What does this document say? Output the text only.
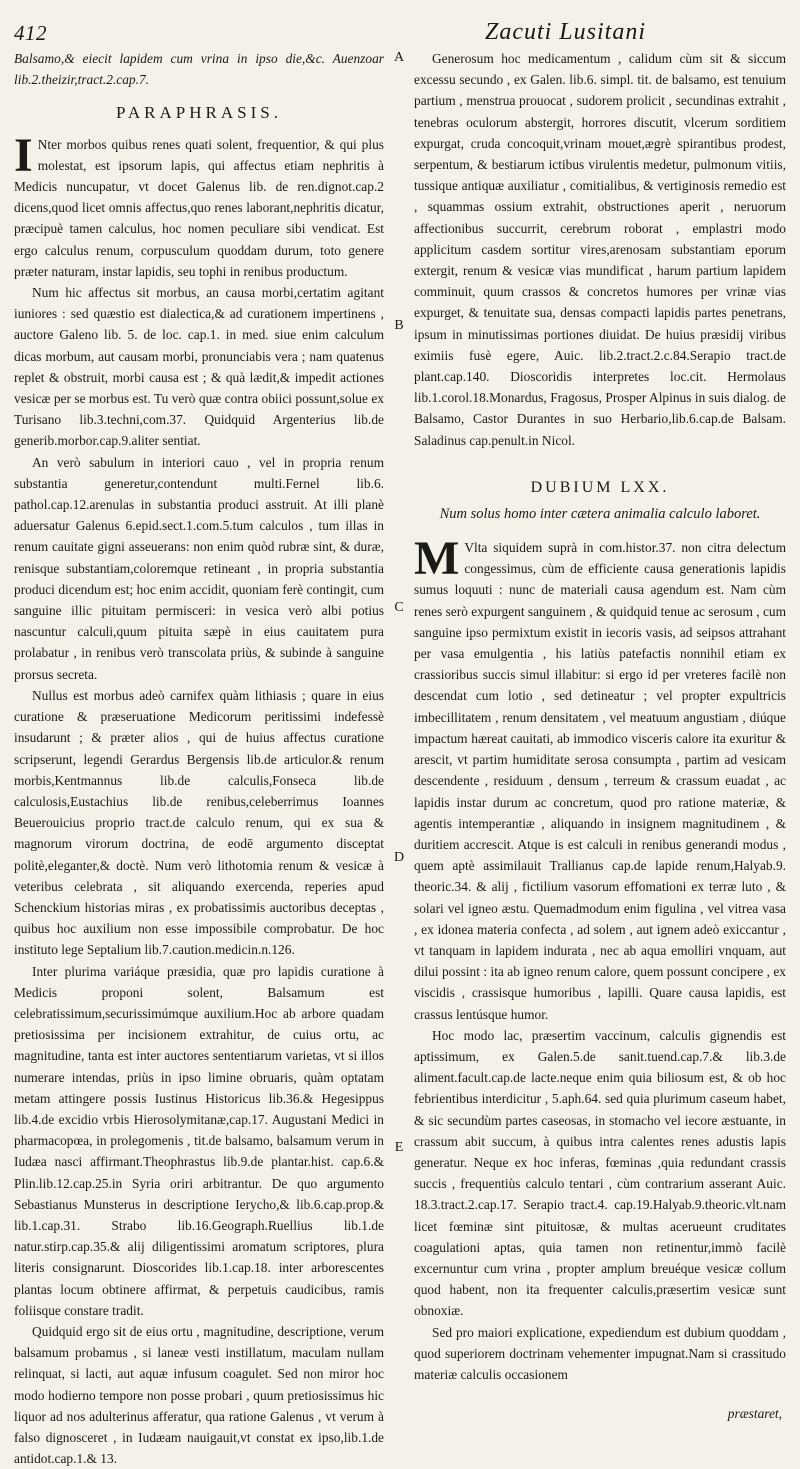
412	Zacuti Lusitani

Balsamo,& eiecit lapidem cum vrina in ipso die,&c. Auenzoar lib.2.theizir,tract.2.cap.7.

PARAPHRASIS.

I Nter morbos quibus renes quati solent, frequentior, & qui plus molestat, est ipsorum lapis, qui affectus etiam nephritis à Medicis nuncupatur, vt docet Galenus lib. de ren.dignot.cap.2 dicens,quod licet omnis affectus,quo renes laborant,nephritis dicatur, præcipuè tamen calculus, hoc nomen peculiare sibi vendicat. Est ergo calculus renum, corpusculum quoddam durum, toto genere præter naturam, instar lapidis, seu tophi in renibus productum.

Num hic affectus sit morbus, an causa morbi,certatim agitant iuniores : sed quæstio est dialectica,& ad curationem impertinens , auctore Galeno lib. 5. de loc. cap.1. in med. siue enim calculum dicas morbum, aut causam morbi, pronunciabis vera ; nam quatenus replet & obstruit, morbi causa est ; & quà lædit,& impedit actiones vesicæ per se morbus est. Tu verò quæ contra obiici possunt,solue ex Turisano lib.3.techni,com.37. Quidquid Argenterius lib.de generib.morbor.cap.9.aliter sentiat.

An verò sabulum in interiori cauo , vel in propria renum substantia generetur,contendunt multi.Fernel lib.6. pathol.cap.12.arenulas in substantia produci asstruit. At illi planè aduersatur Galenus 6.epid.sect.1.com.5.tum calculos , tum illas in renum cauitate gigni asseuerans: non enim quòd rubræ sint, & duræ, renisque substantiam,coloremque retineant , in propria substantia produci dicendum est; hoc enim accidit, quoniam ferè contingit, cum sanguine illic pituitam permisceri: in vesica verò albi potius nascuntur calculi,quum pituita sæpè in eius cauitatem pura prolabatur , in renibus verò transcolata priùs, & subinde à sanguine prorsus secreta.

Nullus est morbus adeò carnifex quàm lithiasis ; quare in eius curatione & præseruatione Medicorum peritissimi indefessè insudarunt ; & præter alios , qui de huius affectus curatione scripserunt, legendi Gerardus Bergensis lib.de articulor.& renum morbis,Kentmannus lib.de calculis,Fonseca lib.de calculosis,Eustachius lib.de renibus,celeberrimus Ioannes Beuerouicius proprio tract.de calculo renum, qui ex sua & magnorum virorum doctrina, de eodē argumento disceptat politè,eleganter,& doctè. Num verò lithotomia renum & vesicæ à veteribus celebrata , sit aliquando exercenda, reperies apud Schenckium historias miras , ex probatissimis auctoribus deceptas , quibus hoc auxilium non esse impossibile comprobatur. De hoc instituto lege Septalium lib.7.caution.medicin.n.126.

Inter plurima variáque præsidia, quæ pro lapidis curatione à Medicis proponi solent, Balsamum est celebratissimum,securissimúmque auxilium.Hoc ab arbore quadam pretiosissima per incisionem extrahitur, de cuius ortu, ac magnitudine, tanta est inter auctores sententiarum varietas, vt si illos numerare intendas, priùs in ipso limine obruaris, quàm optatam metam attingere possis Iustinus Historicus lib.36.& Hegesippus lib.4.de excidio vrbis Hierosolymitanæ,cap.17. Augustani Medici in pharmacopœa, in prolegomenis , tit.de balsamo, balsamum verum in Iudæa nasci affirmant.Theophrastus lib.9.de plantar.hist. cap.6.& Plin.lib.12.cap.25.in Syria oriri arbitrantur. De quo argumento Sebastianus Munsterus in descriptione Ierycho,& lib.6.cap.prop.& lib.1.cap.31. Strabo lib.16.Geograph.Ruellius lib.1.de natur.stirp.cap.35.& alij diligentissimi aromatum scriptores, plura literis consignarunt. Dioscorides lib.1.cap.18. inter arborescentes plantas locum obtinere affirmat, & perpetuis caudicibus, ramis foliisque constare tradit.

Quidquid ergo sit de eius ortu , magnitudine, descriptione, verum balsamum probamus , si laneæ vesti instillatum, maculam nullam relinquat, si lacti, aut aquæ infusum coagulet. Sed non miror hoc modo hodierno tempore non posse probari , quum pretiosissimus hic liquor ad nos adulterinus afferatur, qua ratione Galenus , vt verum à falso dignosceret , in Iudæam nauigauit,vt constat ex ipso,lib.1.de antidot.cap.1.& 13.

A
B
C
D
E

Generosum hoc medicamentum , calidum cùm sit & siccum excessu secundo , ex Galen. lib.6. simpl. tit. de balsamo, est tenuium partium , menstrua prouocat , sudorem prolicit , secundinas extrahit , tenebras oculorum abstergit, horrores discutit, vlcerum sorditiem expurgat, cruda concoquit,vrinam mouet,ægrè spirantibus prodest, serpentum, & bestiarum ictibus virulentis medetur, pulmonum vitiis, tussique antiquæ auxiliatur , comitialibus, & vertiginosis remedio est , squammas ossium extrahit, obstructiones aperit , neruorum affectionibus succurrit, cerebrum roborat , emplastri modo applicitum casdem sortitur vires,arenosam substantiam eporum extergit, renum & vesicæ vias mundificat , harum partium lapidem comminuit, quum crassos & concretos humores per vrinæ vias expurget, & tenuitate sua, densas compacti lapidis partes penetrans, ipsum in minutissimas portiones diuidat. De huius præsidij viribus eximiis fusè egere, Auic. lib.2.tract.2.c.84.Serapio tract.de plant.cap.140. Dioscoridis interpretes loc.cit. Hermolaus lib.1.corol.18.Monardus, Fragosus, Prosper Alpinus in suis dialog. de Balsamo, Castor Durantes in suo Herbario,lib.6.cap.de Balsam. Saladinus cap.penult.in Nicol.

DUBIUM LXX.
Num solus homo inter cætera animalia calculo laboret.

M Vlta siquidem suprà in com.histor.37. non citra delectum congessimus, cùm de efficiente causa generationis lapidis sumus loquuti : nunc de materiali causa agendum est. Nam cùm renes serò expurgent sanguinem , & quidquid tenue ac serosum , cum sanguine ipso permixtum existit in iecoris vasis, ad seipsos attrahant per vasa emulgentia , his latiùs patefactis nonnihil etiam ex crassioribus succis simul illabitur: si ergo id per vreteres facilè non descendat cum lotio , sed detineatur ; vel propter expultricis imbecillitatem , renum densitatem , vel meatuum angustiam , diúque impactum hæreat cauitati, ab immodico visceris calore ita exuritur & arescit, vt partim humiditate serosa consumpta , partim ad vesicam descendente , residuum , densum , terreum & crassum euadat , ac lapidis instar durum ac concretum, quod pro ratione materiæ, & agentis intemperantiæ , aliquando in insignem magnitudinem , & duritiem accrescit. Atque is est calculi in renibus generandi modus , quem aptè assimilauit Trallianus cap.de lapide renum,Halyab.9. theoric.34. & alij , fictilium vasorum effomationi ex terræ luto , & solari vel igneo æstu. Quemadmodum enim figulina , vel vitrea vasa , ex idonea materia confecta , ad solem , aut ignem adeò exiccantur , vt tanquam in lapidem indurata , nec ab aqua emolliri vnquam, aut dilui possint : ita ab igneo renum calore, quem possunt concipere , ex viscidis , crassisque humoribus , lapilli. Quare causa lapidis, est crassus lentúsque humor.

Hoc modo lac, præsertim vaccinum, calculis gignendis est aptissimum, ex Galen.5.de sanit.tuend.cap.7.& lib.3.de aliment.facult.cap.de lacte.neque enim quia biliosum est, & ob hoc febrientibus interdicitur , 5.aph.64. sed quia plurimum caseum habet, & sic secundùm partes caseosas, in stomacho vel iecore æstuante, in crassum abit succum, à quibus intra calentes renes adustis lapis generatur. Neque ex hoc inferas, fœminas ,quia redundant crassis succis , frequentiùs calculo tentari , cùm contrarium asserant Auic. 18.3.tract.2.cap.17. Serapio tract.4. cap.19.Halyab.9.theoric.vlt.nam licet fœminæ sint pituitosæ, & multas acerueunt cruditates coagulationi aptas, quia tamen non retinentur,immò facilè excernuntur cum vrina , propter amplum breuéque vesicæ collum quod habent, non ita frequenter calculis,præsertim vesicæ sunt obnoxiæ.

Sed pro maiori explicatione, expediendum est dubium quoddam , quod superiorem doctrinam vehementer impugnat.Nam si crassitudo materiæ calculis occasionem

præstaret,
